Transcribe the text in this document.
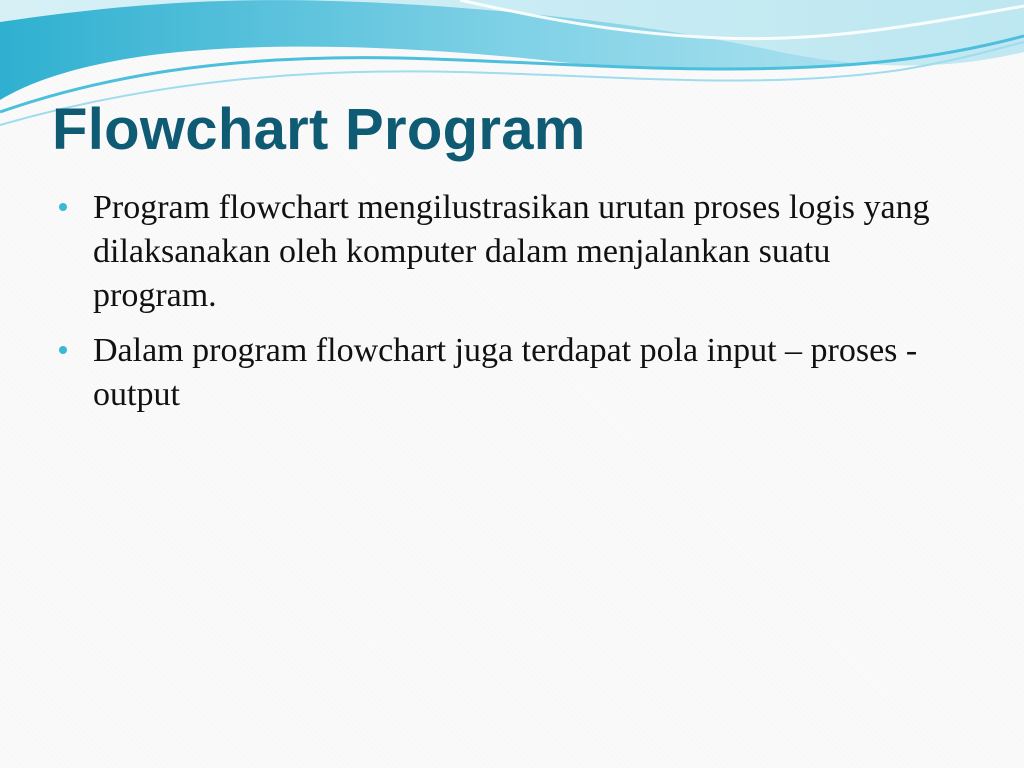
Flowchart Program
Program flowchart mengilustrasikan urutan proses logis yang dilaksanakan oleh komputer dalam menjalankan suatu program.
Dalam program flowchart juga terdapat pola input – proses - output
